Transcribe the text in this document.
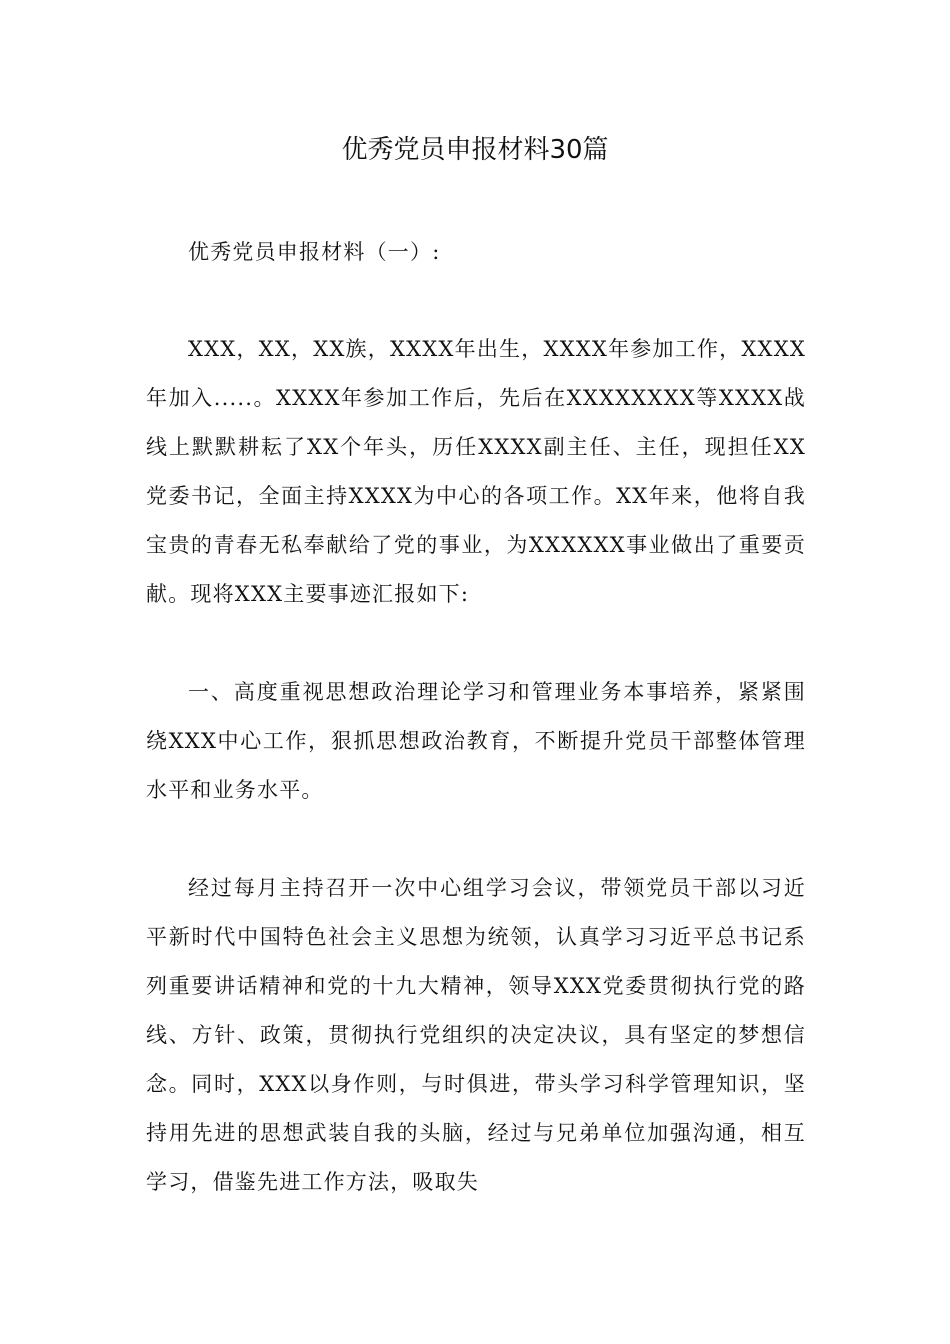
优秀党员申报材料30篇

优秀党员申报材料（一）:

XXX，XX，XX族，XXXX年出生，XXXX年参加工作，XXXX年加入.....。XXXX年参加工作后，先后在XXXXXXXX等XXXX战线上默默耕耘了XX个年头，历任XXXX副主任、主任，现担任XX党委书记，全面主持XXXX为中心的各项工作。XX年来，他将自我宝贵的青春无私奉献给了党的事业，为XXXXXX事业做出了重要贡献。现将XXX主要事迹汇报如下:

一、高度重视思想政治理论学习和管理业务本事培养，紧紧围绕XXX中心工作，狠抓思想政治教育，不断提升党员干部整体管理水平和业务水平。

经过每月主持召开一次中心组学习会议，带领党员干部以习近平新时代中国特色社会主义思想为统领，认真学习习近平总书记系列重要讲话精神和党的十九大精神，领导XXX党委贯彻执行党的路线、方针、政策，贯彻执行党组织的决定决议，具有坚定的梦想信念。同时，XXX以身作则，与时俱进，带头学习科学管理知识，坚持用先进的思想武装自我的头脑，经过与兄弟单位加强沟通，相互学习，借鉴先进工作方法，吸取失
